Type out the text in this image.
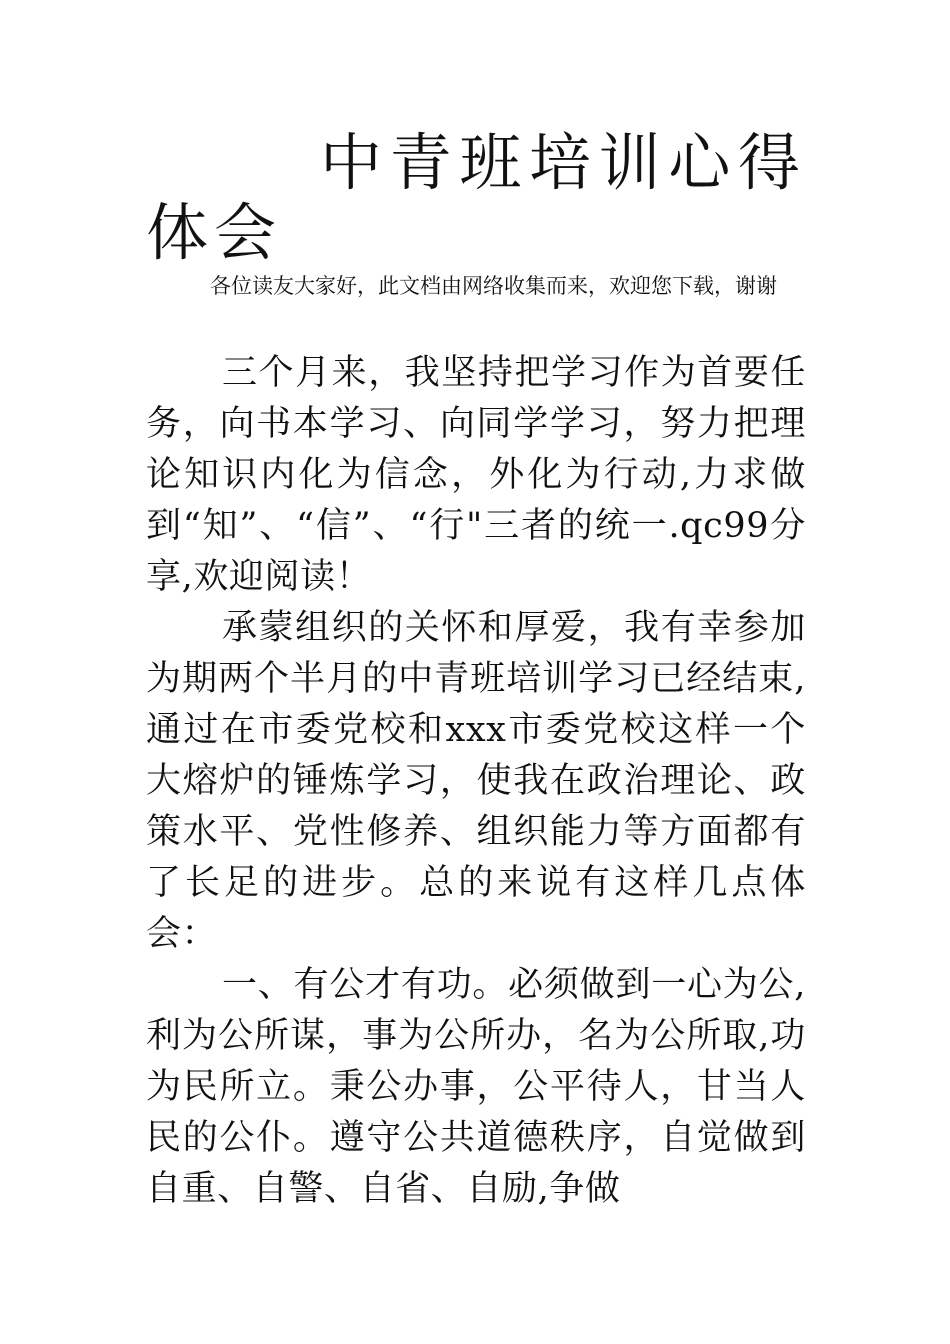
中青班培训心得体会

各位读友大家好，此文档由网络收集而来，欢迎您下载，谢谢

三个月来，我坚持把学习作为首要任务，向书本学习、向同学学习，努力把理论知识内化为信念，外化为行动,力求做到“知”、“信”、“行"三者的统一.qc99分享,欢迎阅读！

承蒙组织的关怀和厚爱，我有幸参加为期两个半月的中青班培训学习已经结束,通过在市委党校和xxx市委党校这样一个大熔炉的锤炼学习，使我在政治理论、政策水平、党性修养、组织能力等方面都有了长足的进步。总的来说有这样几点体会：

一、有公才有功。必须做到一心为公,利为公所谋，事为公所办，名为公所取,功为民所立。秉公办事，公平待人，甘当人民的公仆。遵守公共道德秩序，自觉做到自重、自警、自省、自励,争做
